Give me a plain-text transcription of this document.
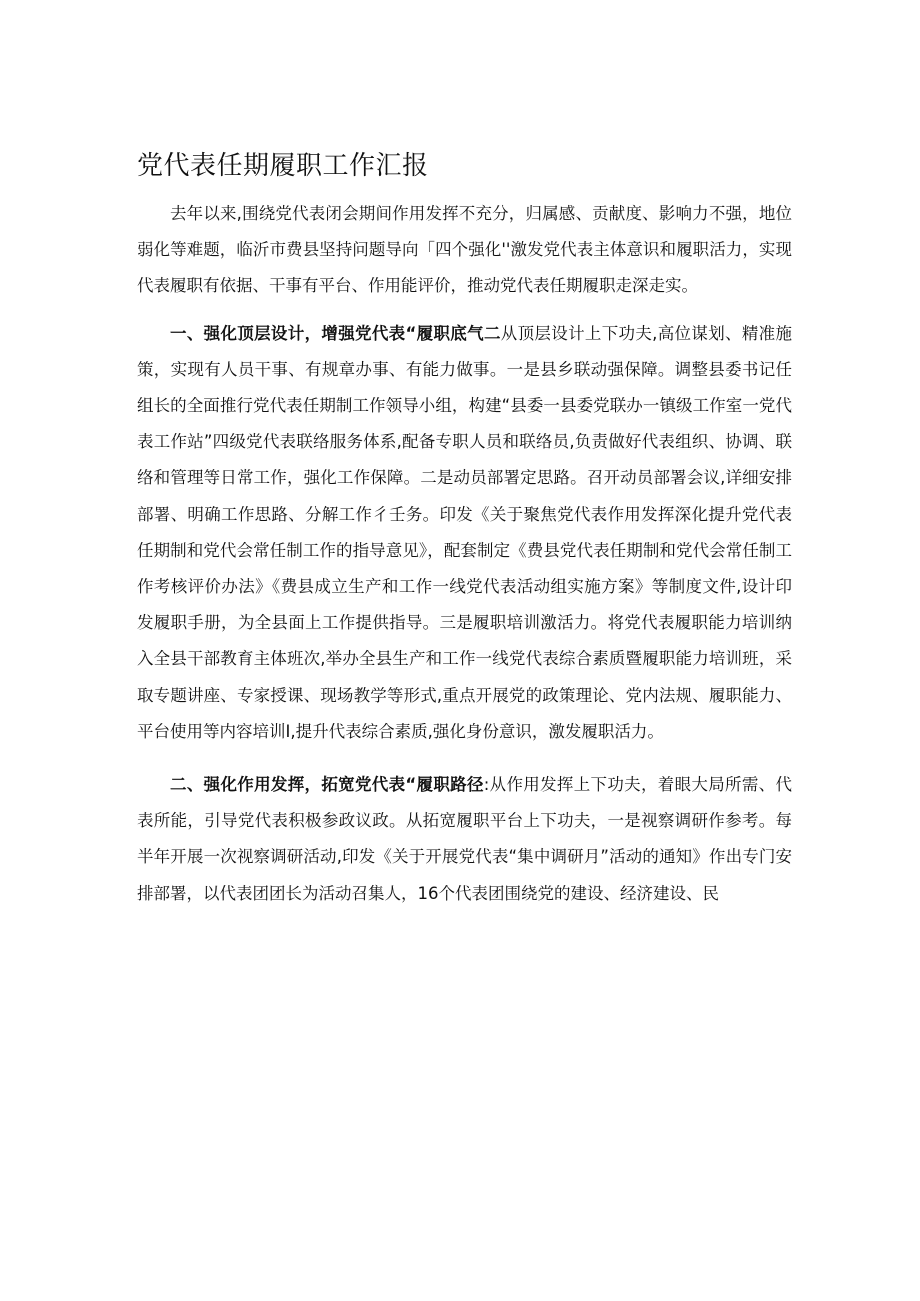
党代表任期履职工作汇报

去年以来,围绕党代表闭会期间作用发挥不充分，归属感、贡献度、影响力不强，地位弱化等难题，临沂市费县坚持问题导向「四个强化''激发党代表主体意识和履职活力，实现代表履职有依据、干事有平台、作用能评价，推动党代表任期履职走深走实。

一、强化顶层设计，增强党代表“履职底气二从顶层设计上下功夫,高位谋划、精准施策，实现有人员干事、有规章办事、有能力做事。一是县乡联动强保障。调整县委书记任组长的全面推行党代表任期制工作领导小组，构建“县委一县委党联办一镇级工作室一党代表工作站”四级党代表联络服务体系,配备专职人员和联络员,负责做好代表组织、协调、联络和管理等日常工作，强化工作保障。二是动员部署定思路。召开动员部署会议,详细安排部署、明确工作思路、分解工作彳壬务。印发《关于聚焦党代表作用发挥深化提升党代表任期制和党代会常任制工作的指导意见》，配套制定《费县党代表任期制和党代会常任制工作考核评价办法》《费县成立生产和工作一线党代表活动组实施方案》等制度文件,设计印发履职手册，为全县面上工作提供指导。三是履职培训激活力。将党代表履职能力培训纳入全县干部教育主体班次,举办全县生产和工作一线党代表综合素质暨履职能力培训班，采取专题讲座、专家授课、现场教学等形式,重点开展党的政策理论、党内法规、履职能力、平台使用等内容培训I,提升代表综合素质,强化身份意识，激发履职活力。

二、强化作用发挥，拓宽党代表“履职路径:从作用发挥上下功夫，着眼大局所需、代表所能，引导党代表积极参政议政。从拓宽履职平台上下功夫，一是视察调研作参考。每半年开展一次视察调研活动,印发《关于开展党代表“集中调研月”活动的通知》作出专门安排部署，以代表团团长为活动召集人，16个代表团围绕党的建设、经济建设、民
